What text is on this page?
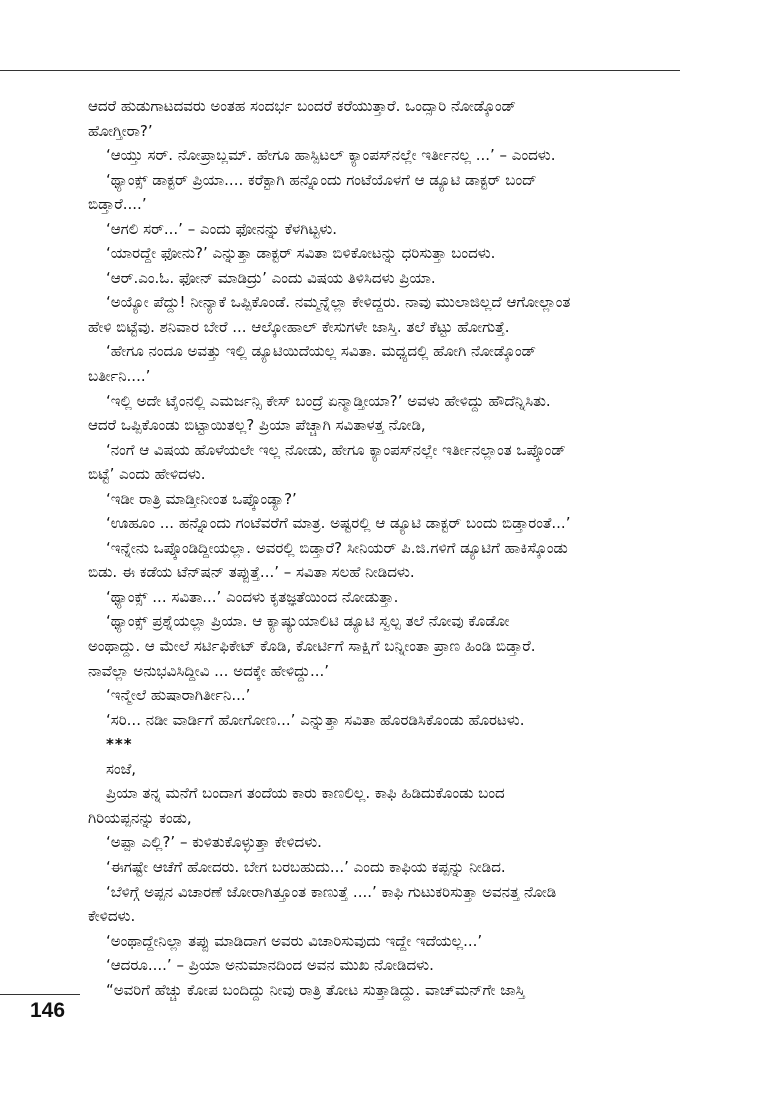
ಆದರೆ ಹುಡುಗಾಟದವರು ಅಂತಹ ಸಂದರ್ಭ ಬಂದರೆ ಕರೆಯುತ್ತಾರೆ. ಒಂದ್ಸಾರಿ ನೋಡ್ಕೊಂಡ್
ಹೋಗ್ತೀರಾ?’
‘ಆಯ್ತು ಸರ್. ನೋಪ್ರಾಬ್ಲಮ್. ಹೇಗೂ ಹಾಸ್ಪಿಟಲ್ ಕ್ಯಾಂಪಸ್‌ನಲ್ಲೇ ಇರ್ತೀನಲ್ಲ ...’ – ಎಂದಳು.
‘ಥ್ಯಾಂಕ್ಸ್ ಡಾಕ್ಟರ್ ಪ್ರಿಯಾ.... ಕರೆಕ್ಟಾಗಿ ಹನ್ನೊಂದು ಗಂಟೆಯೊಳಗೆ ಆ ಡ್ಯೂಟಿ ಡಾಕ್ಟರ್ ಬಂದ್
ಬಿಡ್ತಾರೆ....’
‘ಆಗಲಿ ಸರ್...’ – ಎಂದು ಫೋನನ್ನು ಕೆಳಗಿಟ್ಟಳು.
‘ಯಾರದ್ದೇ ಫೋನು?’ ಎನ್ನುತ್ತಾ ಡಾಕ್ಟರ್ ಸವಿತಾ ಬಿಳಿಕೋಟನ್ನು ಧರಿಸುತ್ತಾ ಬಂದಳು.
‘ಆರ್.ಎಂ.ಓ. ಫೋನ್ ಮಾಡಿದ್ರು’ ಎಂದು ವಿಷಯ ತಿಳಿಸಿದಳು ಪ್ರಿಯಾ.
‘ಅಯ್ಯೋ ಪೆದ್ದು! ನೀನ್ಯಾಕೆ ಒಪ್ಪಿಕೊಂಡೆ. ನಮ್ಮನ್ನೆಲ್ಲಾ ಕೇಳಿದ್ದರು. ನಾವು ಮುಲಾಜಿಲ್ಲದೆ ಆಗೋಲ್ಲಾಂತ
ಹೇಳಿ ಬಿಟ್ಟೆವು. ಶನಿವಾರ ಬೇರೆ ... ಆಲ್ಕೋಹಾಲ್ ಕೇಸುಗಳೇ ಜಾಸ್ತಿ. ತಲೆ ಕೆಟ್ಟು ಹೋಗುತ್ತೆ.
‘ಹೇಗೂ ನಂದೂ ಅವತ್ತು ಇಲ್ಲಿ ಡ್ಯೂಟಿಯಿದೆಯಲ್ಲ ಸವಿತಾ. ಮಧ್ಯದಲ್ಲಿ ಹೋಗಿ ನೋಡ್ಕೊಂಡ್
ಬರ್ತೀನಿ....’
‘ಇಲ್ಲಿ ಅದೇ ಟೈಂನಲ್ಲಿ ಎಮರ್ಜನ್ಸಿ ಕೇಸ್ ಬಂದ್ರೆ ಏನ್ಮಾಡ್ತೀಯಾ?’ ಅವಳು ಹೇಳಿದ್ದು ಹೌದೆನ್ನಿಸಿತು.
ಆದರೆ ಒಪ್ಪಿಕೊಂಡು ಬಿಟ್ಟಾಯಿತಲ್ಲ? ಪ್ರಿಯಾ ಪೆಚ್ಚಾಗಿ ಸವಿತಾಳತ್ತ ನೋಡಿ,
‘ನಂಗೆ ಆ ವಿಷಯ ಹೊಳೆಯಲೇ ಇಲ್ಲ ನೋಡು, ಹೇಗೂ ಕ್ಯಾಂಪಸ್‌ನಲ್ಲೇ ಇರ್ತೀನಲ್ಲಾಂತ ಒಪ್ಕೊಂಡ್
ಬಿಟ್ಟೆ’ ಎಂದು ಹೇಳಿದಳು.
‘ಇಡೀ ರಾತ್ರಿ ಮಾಡ್ತೀನೀಂತ ಒಪ್ಕೊಂಡ್ಯಾ?’
‘ಊಹೂಂ ... ಹನ್ನೊಂದು ಗಂಟೆವರೆಗೆ ಮಾತ್ರ. ಅಷ್ಟರಲ್ಲಿ ಆ ಡ್ಯೂಟಿ ಡಾಕ್ಟರ್ ಬಂದು ಬಿಡ್ತಾರಂತೆ...’
‘ಇನ್ನೇನು ಒಪ್ಕೊಂಡಿದ್ದೀಯಲ್ಲಾ. ಅವರಲ್ಲಿ ಬಿಡ್ತಾರೆ? ಸೀನಿಯರ್ ಪಿ.ಜಿ.ಗಳಿಗೆ ಡ್ಯೂಟಿಗೆ ಹಾಕಿಸ್ಕೊಂಡು
ಬಿಡು. ಈ ಕಡೆಯ ಟೆನ್‌ಷನ್ ತಪ್ಪುತ್ತೆ...’ – ಸವಿತಾ ಸಲಹೆ ನೀಡಿದಳು.
‘ಥ್ಯಾಂಕ್ಸ್ ... ಸವಿತಾ...’ ಎಂದಳು ಕೃತಜ್ಞತೆಯಿಂದ ನೋಡುತ್ತಾ.
‘ಥ್ಯಾಂಕ್ಸ್ ಪ್ರಶ್ನೆಯಲ್ಲಾ ಪ್ರಿಯಾ. ಆ ಕ್ಯಾಷ್ಯುಯಾಲಿಟಿ ಡ್ಯೂಟಿ ಸ್ವಲ್ಪ ತಲೆ ನೋವು ಕೊಡೋ
ಅಂಥಾದ್ದು. ಆ ಮೇಲೆ ಸರ್ಟಿಫಿಕೇಟ್ ಕೊಡಿ, ಕೋರ್ಟಿಗೆ ಸಾಕ್ಷಿಗೆ ಬನ್ನೀಂತಾ ಪ್ರಾಣ ಹಿಂಡಿ ಬಿಡ್ತಾರೆ.
ನಾವೆಲ್ಲಾ ಅನುಭವಿಸಿದ್ದೀವಿ ... ಅದಕ್ಕೇ ಹೇಳಿದ್ದು...’
‘ಇನ್ಮೇಲೆ ಹುಷಾರಾಗಿರ್ತೀನಿ...’
‘ಸರಿ... ನಡೀ ವಾರ್ಡಿಗೆ ಹೋಗೋಣ...’ ಎನ್ನುತ್ತಾ ಸವಿತಾ ಹೊರಡಿಸಿಕೊಂಡು ಹೊರಟಳು.
***
ಸಂಜೆ,
ಪ್ರಿಯಾ ತನ್ನ ಮನೆಗೆ ಬಂದಾಗ ತಂದೆಯ ಕಾರು ಕಾಣಲಿಲ್ಲ. ಕಾಫಿ ಹಿಡಿದುಕೊಂಡು ಬಂದ
ಗಿರಿಯಪ್ಪನನ್ನು ಕಂಡು,
‘ಅಪ್ಪಾ ಎಲ್ಲಿ?’ – ಕುಳಿತುಕೊಳ್ಳುತ್ತಾ ಕೇಳಿದಳು.
‘ಈಗಷ್ಟೇ ಆಚೆಗೆ ಹೋದರು. ಬೇಗ ಬರಬಹುದು...’ ಎಂದು ಕಾಫಿಯ ಕಪ್ಪನ್ನು ನೀಡಿದ.
‘ಬೆಳಿಗ್ಗೆ ಅಪ್ಪನ ವಿಚಾರಣೆ ಜೋರಾಗಿತ್ತೂಂತ ಕಾಣುತ್ತೆ ....’ ಕಾಫಿ ಗುಟುಕರಿಸುತ್ತಾ ಅವನತ್ತ ನೋಡಿ
ಕೇಳಿದಳು.
‘ಅಂಥಾದ್ದೇನಿಲ್ಲಾ ತಪ್ಪು ಮಾಡಿದಾಗ ಅವರು ವಿಚಾರಿಸುವುದು ಇದ್ದೇ ಇದೆಯಲ್ಲ...’
‘ಆದರೂ....’ – ಪ್ರಿಯಾ ಅನುಮಾನದಿಂದ ಅವನ ಮುಖ ನೋಡಿದಳು.
“ಅವರಿಗೆ ಹೆಚ್ಚು ಕೋಪ ಬಂದಿದ್ದು ನೀವು ರಾತ್ರಿ ತೋಟ ಸುತ್ತಾಡಿದ್ದು. ವಾಚ್‌ಮನ್‌ಗೇ ಜಾಸ್ತಿ
146
